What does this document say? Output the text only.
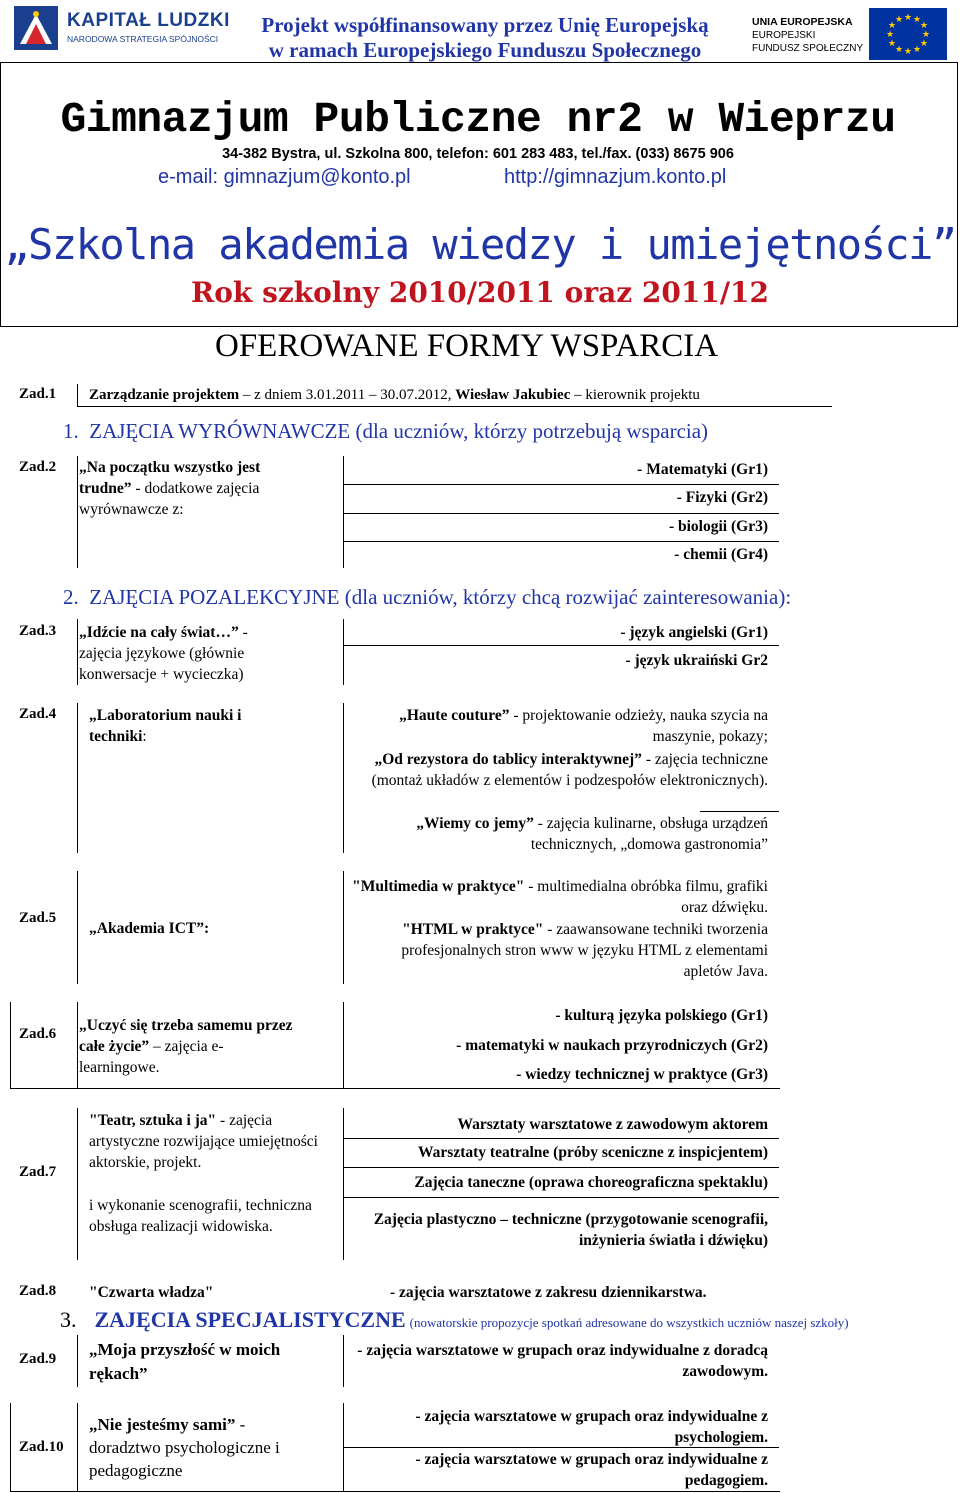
KAPITAŁ LUDZKI
NARODOWA STRATEGIA SPÓJNOŚCI
Projekt współfinansowany przez Unię Europejską
w ramach Europejskiego Funduszu Społecznego
UNIA EUROPEJSKA
EUROPEJSKI
FUNDUSZ SPOŁECZNY
★ ★
★
★
★
★
★
★
★
★
★
★
Gimnazjum Publiczne nr2 w Wieprzu
34-382 Bystra, ul. Szkolna 800, telefon: 601 283 483, tel./fax. (033) 8675 906
e-mail: gimnazjum@konto.pl	http://gimnazjum.konto.pl
„Szkolna akademia wiedzy i umiejętności”
Rok szkolny 2010/2011 oraz 2011/12
OFEROWANE FORMY WSPARCIA
Zad.1 Zarządzanie projektem – z dniem 3.01.2011 – 30.07.2012, Wiesław Jakubiec – kierownik projektu
1.  ZAJĘCIA WYRÓWNAWCZE (dla uczniów, którzy potrzebują wsparcia)
Zad.2 „Na początku wszystko jest trudne” - dodatkowe zajęcia wyrównawcze z:
- Matematyki (Gr1)
- Fizyki (Gr2)
- biologii (Gr3)
- chemii (Gr4)
2.  ZAJĘCIA POZALEKCYJNE (dla uczniów, którzy chcą rozwijać zainteresowania):
Zad.3 „Idźcie na cały świat…” - zajęcia językowe (głównie konwersacje + wycieczka)
- język angielski (Gr1)
- język ukraiński Gr2
Zad.4 „Laboratorium nauki i techniki:
„Haute couture” - projektowanie odzieży, nauka szycia na maszynie, pokazy;
„Od rezystora do tablicy interaktywnej” - zajęcia techniczne (montaż układów z elementów i podzespołów elektronicznych).
„Wiemy co jemy” - zajęcia kulinarne, obsługa urządzeń technicznych, „domowa gastronomia”
Zad.5
„Akademia ICT”:
"Multimedia w praktyce" - multimedialna obróbka filmu, grafiki oraz dźwięku.
"HTML w praktyce" - zaawansowane techniki tworzenia profesjonalnych stron www w języku HTML z elementami apletów Java.
Zad.6 „Uczyć się trzeba samemu przez całe życie” – zajęcia e-learningowe.
- kulturą języka polskiego (Gr1)
- matematyki w naukach przyrodniczych (Gr2)
- wiedzy technicznej w praktyce (Gr3)
Zad.7
"Teatr, sztuka i ja" - zajęcia artystyczne rozwijające umiejętności aktorskie, projekt.
i wykonanie scenografii, techniczna obsługa realizacji widowiska.
Warsztaty warsztatowe z zawodowym aktorem
Warsztaty teatralne (próby sceniczne z inspicjentem)
Zajęcia taneczne (oprawa choreograficzna spektaklu)
Zajęcia plastyczno – techniczne (przygotowanie scenografii, inżynieria światła i dźwięku)
Zad.8 "Czwarta władza"	- zajęcia warsztatowe z zakresu dziennikarstwa.
3. ZAJĘCIA SPECJALISTYCZNE (nowatorskie propozycje spotkań adresowane do wszystkich uczniów naszej szkoły)
Zad.9 „Moja przyszłość w moich rękach”
- zajęcia warsztatowe w grupach oraz indywidualne z doradcą zawodowym.
Zad.10
„Nie jesteśmy sami” - doradztwo psychologiczne i pedagogiczne
- zajęcia warsztatowe w grupach oraz indywidualne z psychologiem.
- zajęcia warsztatowe w grupach oraz indywidualne z pedagogiem.
